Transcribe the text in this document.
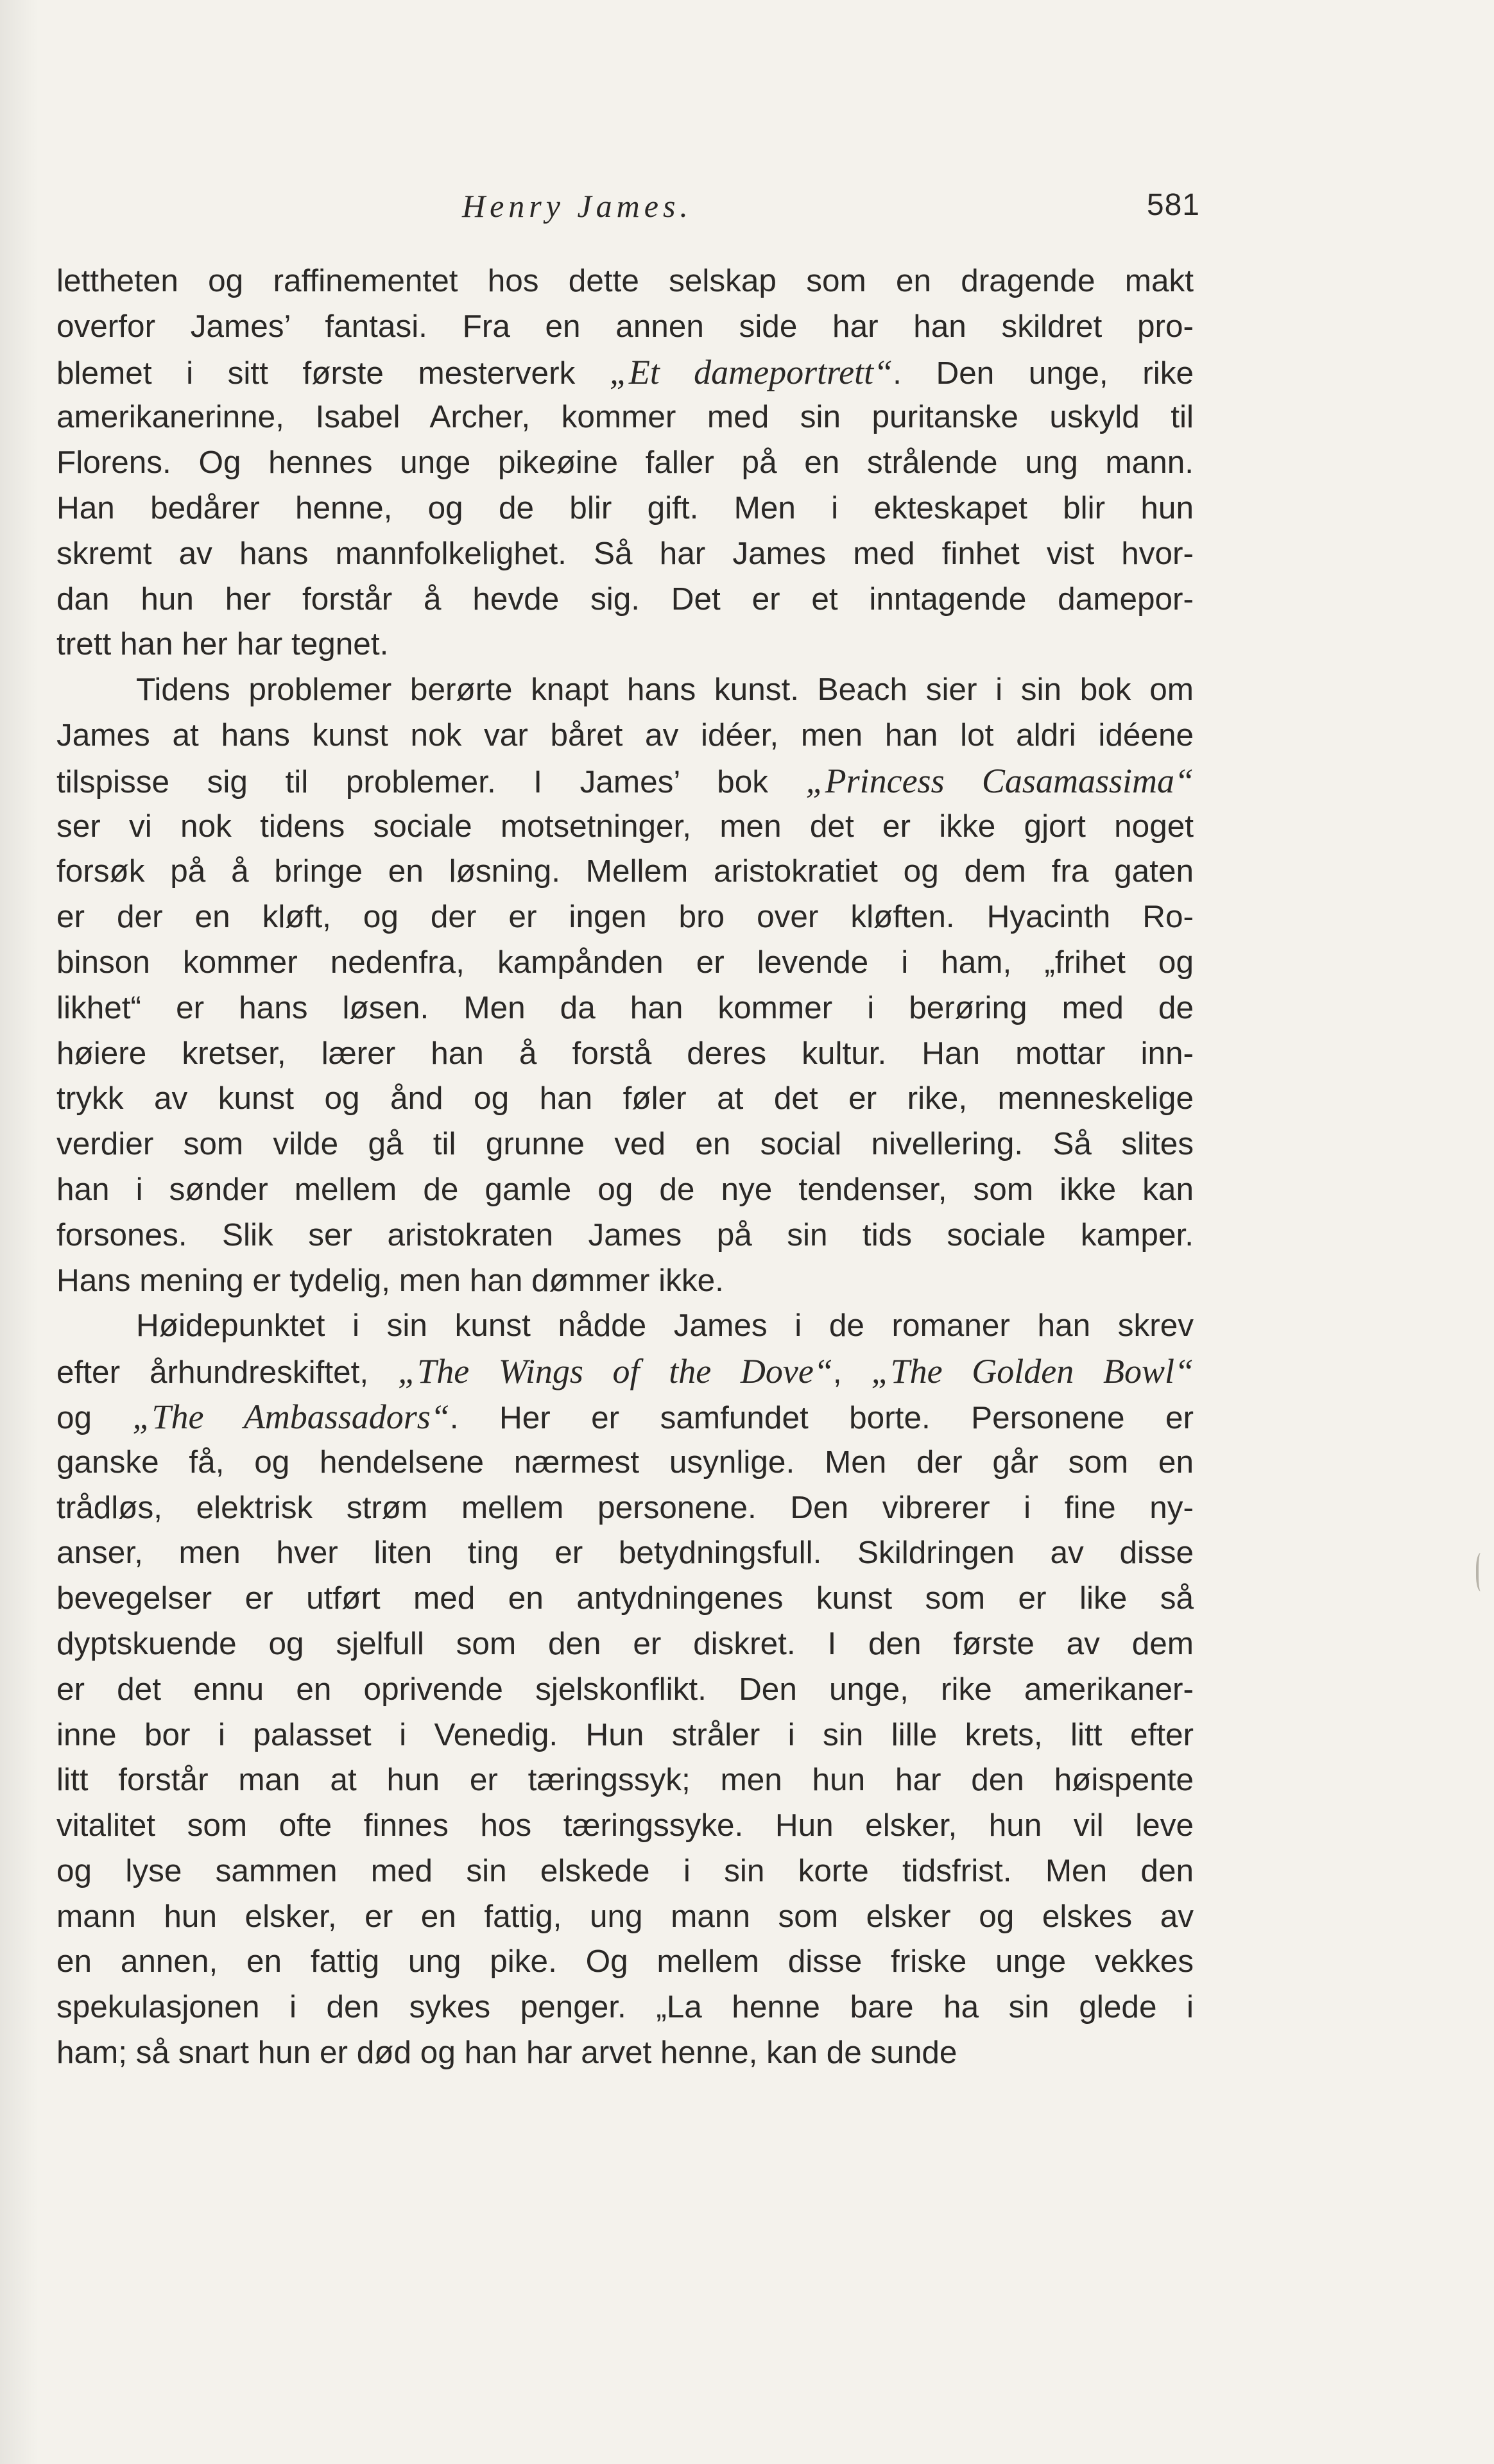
Henry James.	581
lettheten og raffinementet hos dette selskap som en dragende makt
overfor James’ fantasi. Fra en annen side har han skildret pro-
blemet i sitt første mesterverk „Et dameportrett“. Den unge, rike
amerikanerinne, Isabel Archer, kommer med sin puritanske uskyld til
Florens. Og hennes unge pikeøine faller på en strålende ung mann.
Han bedårer henne, og de blir gift. Men i ekteskapet blir hun
skremt av hans mannfolkelighet. Så har James med finhet vist hvor-
dan hun her forstår å hevde sig. Det er et inntagende damepor-
trett han her har tegnet.
Tidens problemer berørte knapt hans kunst. Beach sier i sin bok om
James at hans kunst nok var båret av idéer, men han lot aldri idéene
tilspisse sig til problemer. I James’ bok „Princess Casamassima“
ser vi nok tidens sociale motsetninger, men det er ikke gjort noget
forsøk på å bringe en løsning. Mellem aristokratiet og dem fra gaten
er der en kløft, og der er ingen bro over kløften. Hyacinth Ro-
binson kommer nedenfra, kampånden er levende i ham, „frihet og
likhet“ er hans løsen. Men da han kommer i berøring med de
høiere kretser, lærer han å forstå deres kultur. Han mottar inn-
trykk av kunst og ånd og han føler at det er rike, menneskelige
verdier som vilde gå til grunne ved en social nivellering. Så slites
han i sønder mellem de gamle og de nye tendenser, som ikke kan
forsones. Slik ser aristokraten James på sin tids sociale kamper.
Hans mening er tydelig, men han dømmer ikke.
Høidepunktet i sin kunst nådde James i de romaner han skrev
efter århundreskiftet, „The Wings of the Dove“, „The Golden Bowl“
og „The Ambassadors“. Her er samfundet borte. Personene er
ganske få, og hendelsene nærmest usynlige. Men der går som en
trådløs, elektrisk strøm mellem personene. Den vibrerer i fine ny-
anser, men hver liten ting er betydningsfull. Skildringen av disse
bevegelser er utført med en antydningenes kunst som er like så
dyptskuende og sjelfull som den er diskret. I den første av dem
er det ennu en oprivende sjelskonflikt. Den unge, rike amerikaner-
inne bor i palasset i Venedig. Hun stråler i sin lille krets, litt efter
litt forstår man at hun er tæringssyk; men hun har den høispente
vitalitet som ofte finnes hos tæringssyke. Hun elsker, hun vil leve
og lyse sammen med sin elskede i sin korte tidsfrist. Men den
mann hun elsker, er en fattig, ung mann som elsker og elskes av
en annen, en fattig ung pike. Og mellem disse friske unge vekkes
spekulasjonen i den sykes penger. „La henne bare ha sin glede i
ham; så snart hun er død og han har arvet henne, kan de sunde
